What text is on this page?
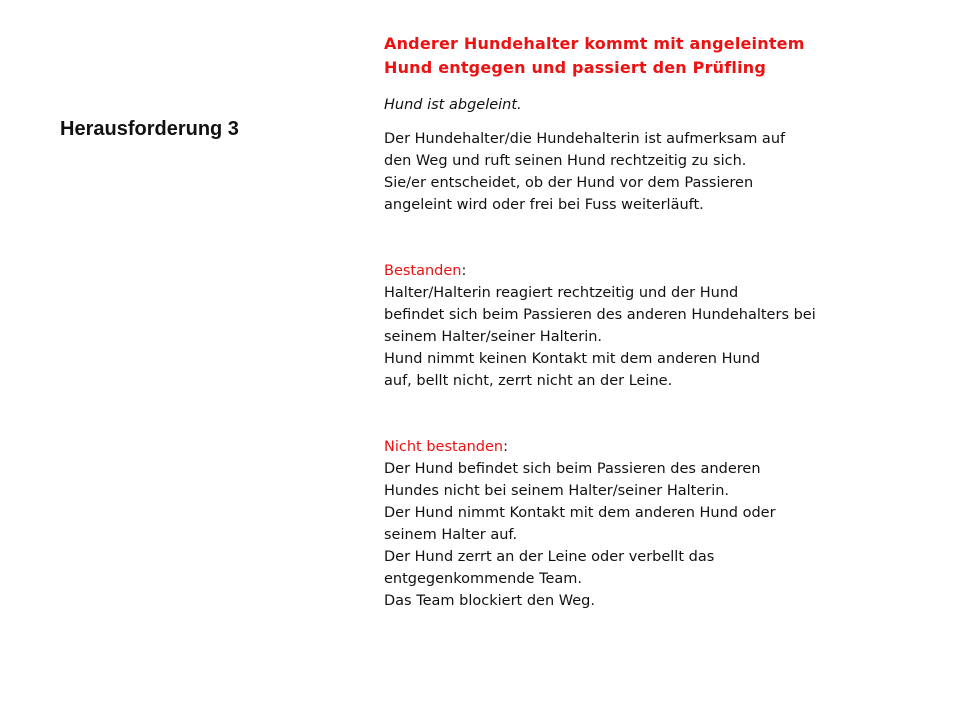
Herausforderung 3
Anderer Hundehalter kommt mit angeleintem
Hund entgegen und passiert den Prüfling
Hund ist abgeleint.
Der Hundehalter/die Hundehalterin ist aufmerksam auf
den Weg und ruft seinen Hund rechtzeitig zu sich.
Sie/er entscheidet, ob der Hund vor dem Passieren
angeleint wird oder frei bei Fuss weiterläuft.
Bestanden:
Halter/Halterin reagiert rechtzeitig und der Hund
befindet sich beim Passieren des anderen Hundehalters bei
seinem Halter/seiner Halterin.
Hund nimmt keinen Kontakt mit dem anderen Hund
auf, bellt nicht, zerrt nicht an der Leine.
Nicht bestanden:
Der Hund befindet sich beim Passieren des anderen
Hundes nicht bei seinem Halter/seiner Halterin.
Der Hund nimmt Kontakt mit dem anderen Hund oder
seinem Halter auf.
Der Hund zerrt an der Leine oder verbellt das
entgegenkommende Team.
Das Team blockiert den Weg.
